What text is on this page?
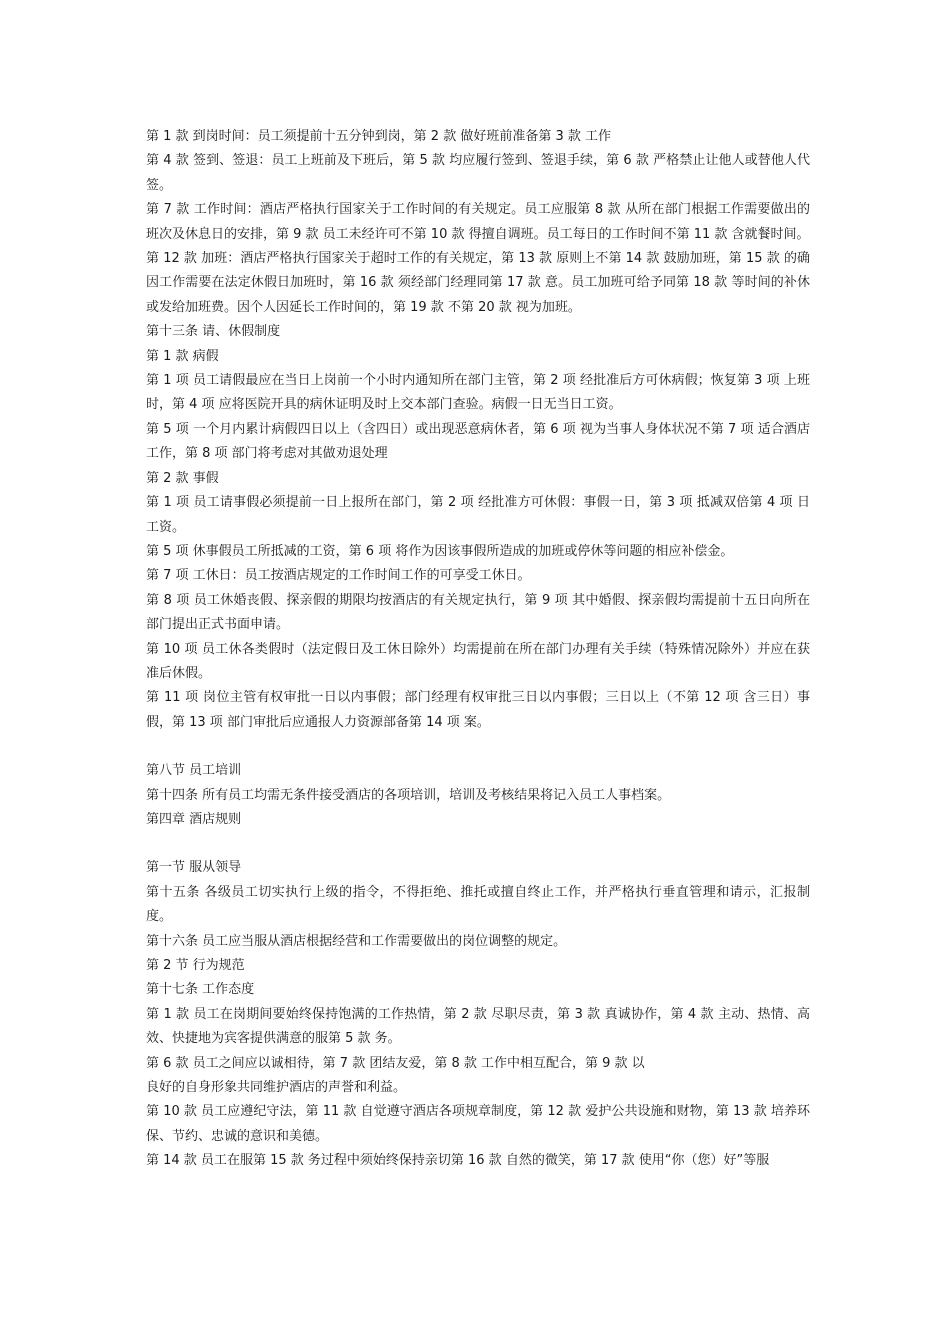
第 1 款 到岗时间：员工须提前十五分钟到岗，第 2 款 做好班前准备第 3 款 工作

第 4 款 签到、签退：员工上班前及下班后，第 5 款 均应履行签到、签退手续，第 6 款 严格禁止让他人或替他人代签。

第 7 款 工作时间：酒店严格执行国家关于工作时间的有关规定。员工应服第 8 款 从所在部门根据工作需要做出的班次及休息日的安排，第 9 款 员工未经许可不第 10 款 得擅自调班。员工每日的工作时间不第 11 款 含就餐时间。

第 12 款 加班：酒店严格执行国家关于超时工作的有关规定，第 13 款 原则上不第 14 款 鼓励加班，第 15 款 的确因工作需要在法定休假日加班时，第 16 款 须经部门经理同第 17 款 意。员工加班可给予同第 18 款 等时间的补休或发给加班费。因个人因延长工作时间的，第 19 款 不第 20 款 视为加班。

第十三条 请、休假制度

第 1 款 病假

第 1 项 员工请假最应在当日上岗前一个小时内通知所在部门主管，第 2 项 经批准后方可休病假；恢复第 3 项 上班时，第 4 项 应将医院开具的病休证明及时上交本部门查验。病假一日无当日工资。

第 5 项 一个月内累计病假四日以上（含四日）或出现恶意病休者，第 6 项 视为当事人身体状况不第 7 项 适合酒店工作，第 8 项 部门将考虑对其做劝退处理

第 2 款 事假

第 1 项 员工请事假必须提前一日上报所在部门，第 2 项 经批准方可休假：事假一日，第 3 项 抵减双倍第 4 项 日工资。

第 5 项 休事假员工所抵减的工资，第 6 项 将作为因该事假所造成的加班或停休等问题的相应补偿金。

第 7 项 工休日：员工按酒店规定的工作时间工作的可享受工休日。

第 8 项 员工休婚丧假、探亲假的期限均按酒店的有关规定执行，第 9 项 其中婚假、探亲假均需提前十五日向所在部门提出正式书面申请。

第 10 项 员工休各类假时（法定假日及工休日除外）均需提前在所在部门办理有关手续（特殊情况除外）并应在获准后休假。

第 11 项 岗位主管有权审批一日以内事假；部门经理有权审批三日以内事假；三日以上（不第 12 项 含三日）事假，第 13 项 部门审批后应通报人力资源部备第 14 项 案。

第八节 员工培训

第十四条 所有员工均需无条件接受酒店的各项培训，培训及考核结果将记入员工人事档案。

第四章 酒店规则

第一节 服从领导

第十五条 各级员工切实执行上级的指令，不得拒绝、推托或擅自终止工作，并严格执行垂直管理和请示，汇报制度。

第十六条 员工应当服从酒店根据经营和工作需要做出的岗位调整的规定。

第 2 节 行为规范

第十七条 工作态度

第 1 款 员工在岗期间要始终保持饱满的工作热情，第 2 款 尽职尽责，第 3 款 真诚协作，第 4 款 主动、热情、高效、快捷地为宾客提供满意的服第 5 款 务。

第 6 款 员工之间应以诚相待，第 7 款 团结友爱，第 8 款 工作中相互配合，第 9 款 以

良好的自身形象共同维护酒店的声誉和利益。

第 10 款 员工应遵纪守法，第 11 款 自觉遵守酒店各项规章制度，第 12 款 爱护公共设施和财物，第 13 款 培养环保、节约、忠诚的意识和美德。

第 14 款 员工在服第 15 款 务过程中须始终保持亲切第 16 款 自然的微笑，第 17 款 使用“你（您）好”等服
